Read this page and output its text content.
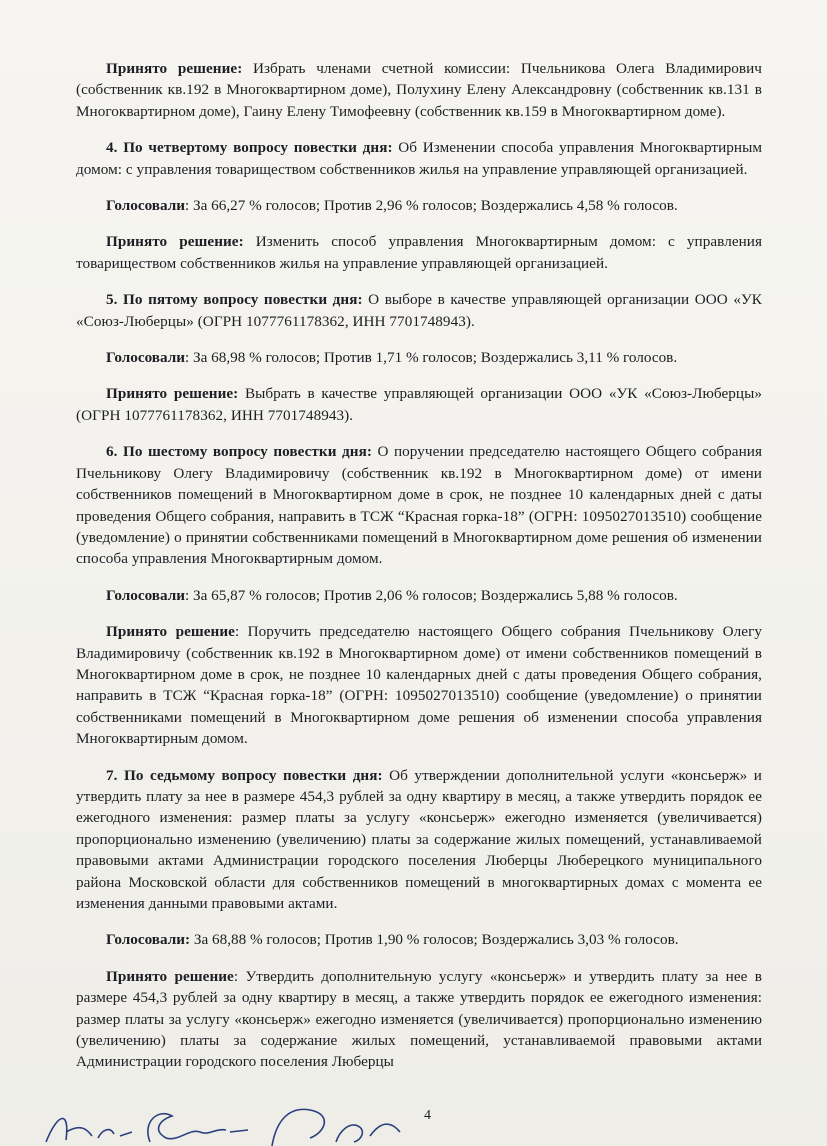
Принято решение: Избрать членами счетной комиссии: Пчельникова Олега Владимирович (собственник кв.192 в Многоквартирном доме), Полухину Елену Александровну (собственник кв.131 в Многоквартирном доме), Гаину Елену Тимофеевну (собственник кв.159 в Многоквартирном доме).

4. По четвертому вопросу повестки дня: Об Изменении способа управления Многоквартирным домом: с управления товариществом собственников жилья на управление управляющей организацией.

Голосовали: За 66,27 % голосов; Против 2,96 % голосов; Воздержались 4,58 % голосов.

Принято решение: Изменить способ управления Многоквартирным домом: с управления товариществом собственников жилья на управление управляющей организацией.

5. По пятому вопросу повестки дня: О выборе в качестве управляющей организации ООО «УК «Союз-Люберцы» (ОГРН 1077761178362, ИНН 7701748943).

Голосовали: За 68,98 % голосов; Против 1,71 % голосов; Воздержались 3,11 % голосов.

Принято решение: Выбрать в качестве управляющей организации ООО «УК «Союз-Люберцы» (ОГРН 1077761178362, ИНН 7701748943).

6. По шестому вопросу повестки дня: О поручении председателю настоящего Общего собрания Пчельникову Олегу Владимировичу (собственник кв.192 в Многоквартирном доме) от имени собственников помещений в Многоквартирном доме в срок, не позднее 10 календарных дней с даты проведения Общего собрания, направить в ТСЖ “Красная горка-18” (ОГРН: 1095027013510) сообщение (уведомление) о принятии собственниками помещений в Многоквартирном доме решения об изменении способа управления Многоквартирным домом.

Голосовали: За 65,87 % голосов; Против 2,06 % голосов; Воздержались 5,88 % голосов.

Принято решение: Поручить председателю настоящего Общего собрания Пчельникову Олегу Владимировичу (собственник кв.192 в Многоквартирном доме) от имени собственников помещений в Многоквартирном доме в срок, не позднее 10 календарных дней с даты проведения Общего собрания, направить в ТСЖ “Красная горка-18” (ОГРН: 1095027013510) сообщение (уведомление) о принятии собственниками помещений в Многоквартирном доме решения об изменении способа управления Многоквартирным домом.

7. По седьмому вопросу повестки дня: Об утверждении дополнительной услуги «консьерж» и утвердить плату за нее в размере 454,3 рублей за одну квартиру в месяц, а также утвердить порядок ее ежегодного изменения: размер платы за услугу «консьерж» ежегодно изменяется (увеличивается) пропорционально изменению (увеличению) платы за содержание жилых помещений, устанавливаемой правовыми актами Администрации городского поселения Люберцы Люберецкого муниципального района Московской области для собственников помещений в многоквартирных домах с момента ее изменения данными правовыми актами.

Голосовали: За 68,88 % голосов; Против 1,90 % голосов; Воздержались 3,03 % голосов.

Принято решение: Утвердить дополнительную услугу «консьерж» и утвердить плату за нее в размере 454,3 рублей за одну квартиру в месяц, а также утвердить порядок ее ежегодного изменения: размер платы за услугу «консьерж» ежегодно изменяется (увеличивается) пропорционально изменению (увеличению) платы за содержание жилых помещений, устанавливаемой правовыми актами Администрации городского поселения Люберцы

4
